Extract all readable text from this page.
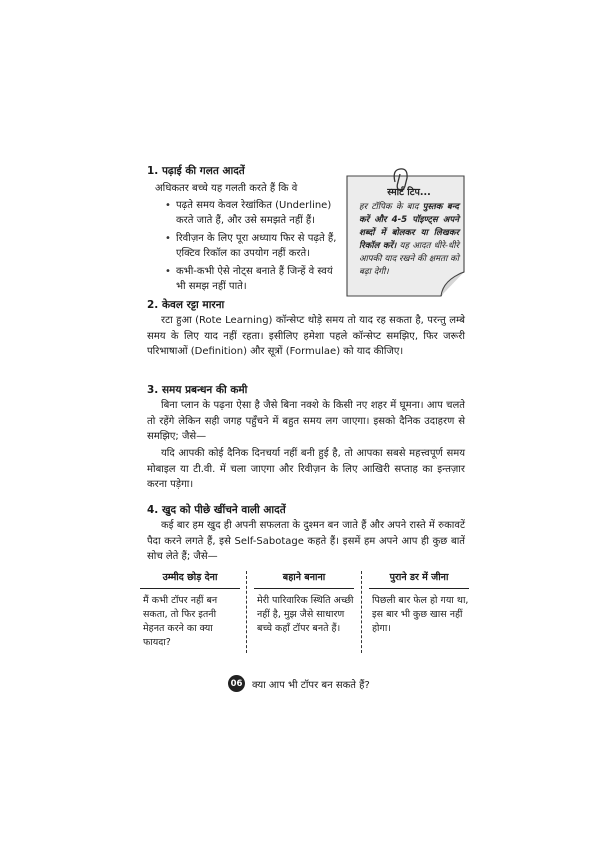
1. पढ़ाई की गलत आदतें

अधिकतर बच्चे यह गलती करते हैं कि वे

• पढ़ते समय केवल रेखांकित (Underline) करते जाते हैं, और उसे समझते नहीं हैं।
• रिवीज़न के लिए पूरा अध्याय फिर से पढ़ते हैं, एक्टिव रिकॉल का उपयोग नहीं करते।
• कभी-कभी ऐसे नोट्स बनाते हैं जिन्हें वे स्वयं भी समझ नहीं पाते।
स्मार्ट टिप...
हर टॉपिक के बाद पुस्तक बन्द करें और 4-5 पॉइण्ट्स अपने शब्दों में बोलकर या लिखकर रिकॉल करें। यह आदत धीरे-धीरे आपकी याद रखने की क्षमता को बढ़ा देगी।
2. केवल रट्टा मारना

रटा हुआ (Rote Learning) कॉन्सेप्ट थोड़े समय तो याद रह सकता है, परन्तु लम्बे समय के लिए याद नहीं रहता। इसीलिए हमेशा पहले कॉन्सेप्ट समझिए, फिर जरूरी परिभाषाओं (Definition) और सूत्रों (Formulae) को याद कीजिए।

3. समय प्रबन्धन की कमी

बिना प्लान के पढ़ना ऐसा है जैसे बिना नक्शे के किसी नए शहर में घूमना। आप चलते तो रहेंगे लेकिन सही जगह पहुँचने में बहुत समय लग जाएगा। इसको दैनिक उदाहरण से समझिए; जैसे—

यदि आपकी कोई दैनिक दिनचर्या नहीं बनी हुई है, तो आपका सबसे महत्त्वपूर्ण समय मोबाइल या टी.वी. में चला जाएगा और रिवीज़न के लिए आखिरी सप्ताह का इन्तज़ार करना पड़ेगा।

4. खुद को पीछे खींचने वाली आदतें

कई बार हम खुद ही अपनी सफलता के दुश्मन बन जाते हैं और अपने रास्ते में रुकावटें पैदा करने लगते हैं, इसे Self-Sabotage कहते हैं। इसमें हम अपने आप ही कुछ बातें सोच लेते हैं; जैसे—

उम्मीद छोड़ देना
मैं कभी टॉपर नहीं बन सकता, तो फिर इतनी मेहनत करने का क्या फायदा?
बहाने बनाना
मेरी पारिवारिक स्थिति अच्छी नहीं है, मुझ जैसे साधारण बच्चे कहाँ टॉपर बनते हैं।
पुराने डर में जीना
पिछली बार फेल हो गया था, इस बार भी कुछ खास नहीं होगा।
06 क्या आप भी टॉपर बन सकते हैं?
